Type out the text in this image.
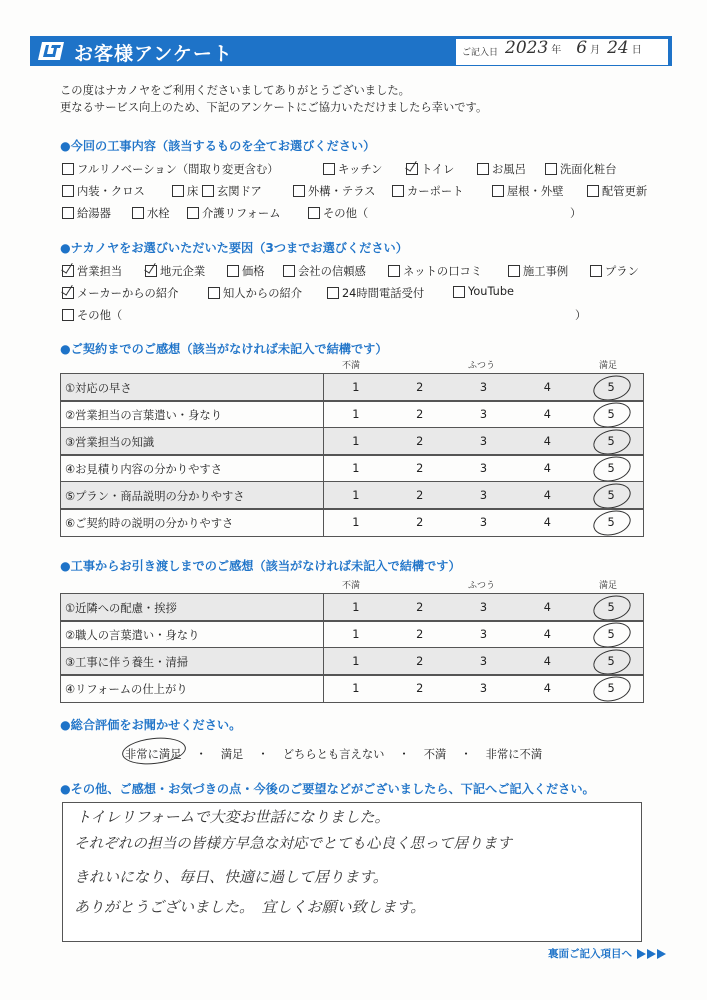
お客様アンケート	ご記入日 2023 年 6 月 24 日
この度はナカノヤをご利用くださいましてありがとうございました。
更なるサービス向上のため、下記のアンケートにご協力いただけましたら幸いです。
●今回の工事内容（該当するものを全てお選びください）
フルリノベーション（間取り変更含む）	キッチン	トイレ	お風呂	洗面化粧台
内装・クロス	床 玄関ドア	外構・テラス	カーポート	屋根・外壁	配管更新
給湯器	水栓	介護リフォーム	その他（	）
●ナカノヤをお選びいただいた要因（3つまでお選びください）
営業担当	地元企業	価格	会社の信頼感	ネットの口コミ	施工事例	プラン
メーカーからの紹介	知人からの紹介	24時間電話受付	YouTube
その他（	）
●ご契約までのご感想（該当がなければ未記入で結構です）
不満	ふつう	満足
①対応の早さ	1	2	3	4	5
②営業担当の言葉遣い・身なり	1	2	3	4	5
③営業担当の知識	1	2	3	4	5
④お見積り内容の分かりやすさ	1	2	3	4	5
⑤プラン・商品説明の分かりやすさ	1	2	3	4	5
⑥ご契約時の説明の分かりやすさ	1	2	3	4	5
●工事からお引き渡しまでのご感想（該当がなければ未記入で結構です）
不満	ふつう	満足
①近隣への配慮・挨拶	1	2	3	4	5
②職人の言葉遣い・身なり	1	2	3	4	5
③工事に伴う養生・清掃	1	2	3	4	5
④リフォームの仕上がり	1	2	3	4	5
●総合評価をお聞かせください。
非常に満足 ・ 満足 ・ どちらとも言えない ・ 不満 ・ 非常に不満
●その他、ご感想・お気づきの点・今後のご要望などがございましたら、下記へご記入ください。
トイレリフォームで大変お世話になりました。
それぞれの担当の皆様方早急な対応でとても心良く思って居ります
きれいになり、毎日、快適に過して居ります。
ありがとうございました。　宜しくお願い致します。
裏面ご記入項目へ
